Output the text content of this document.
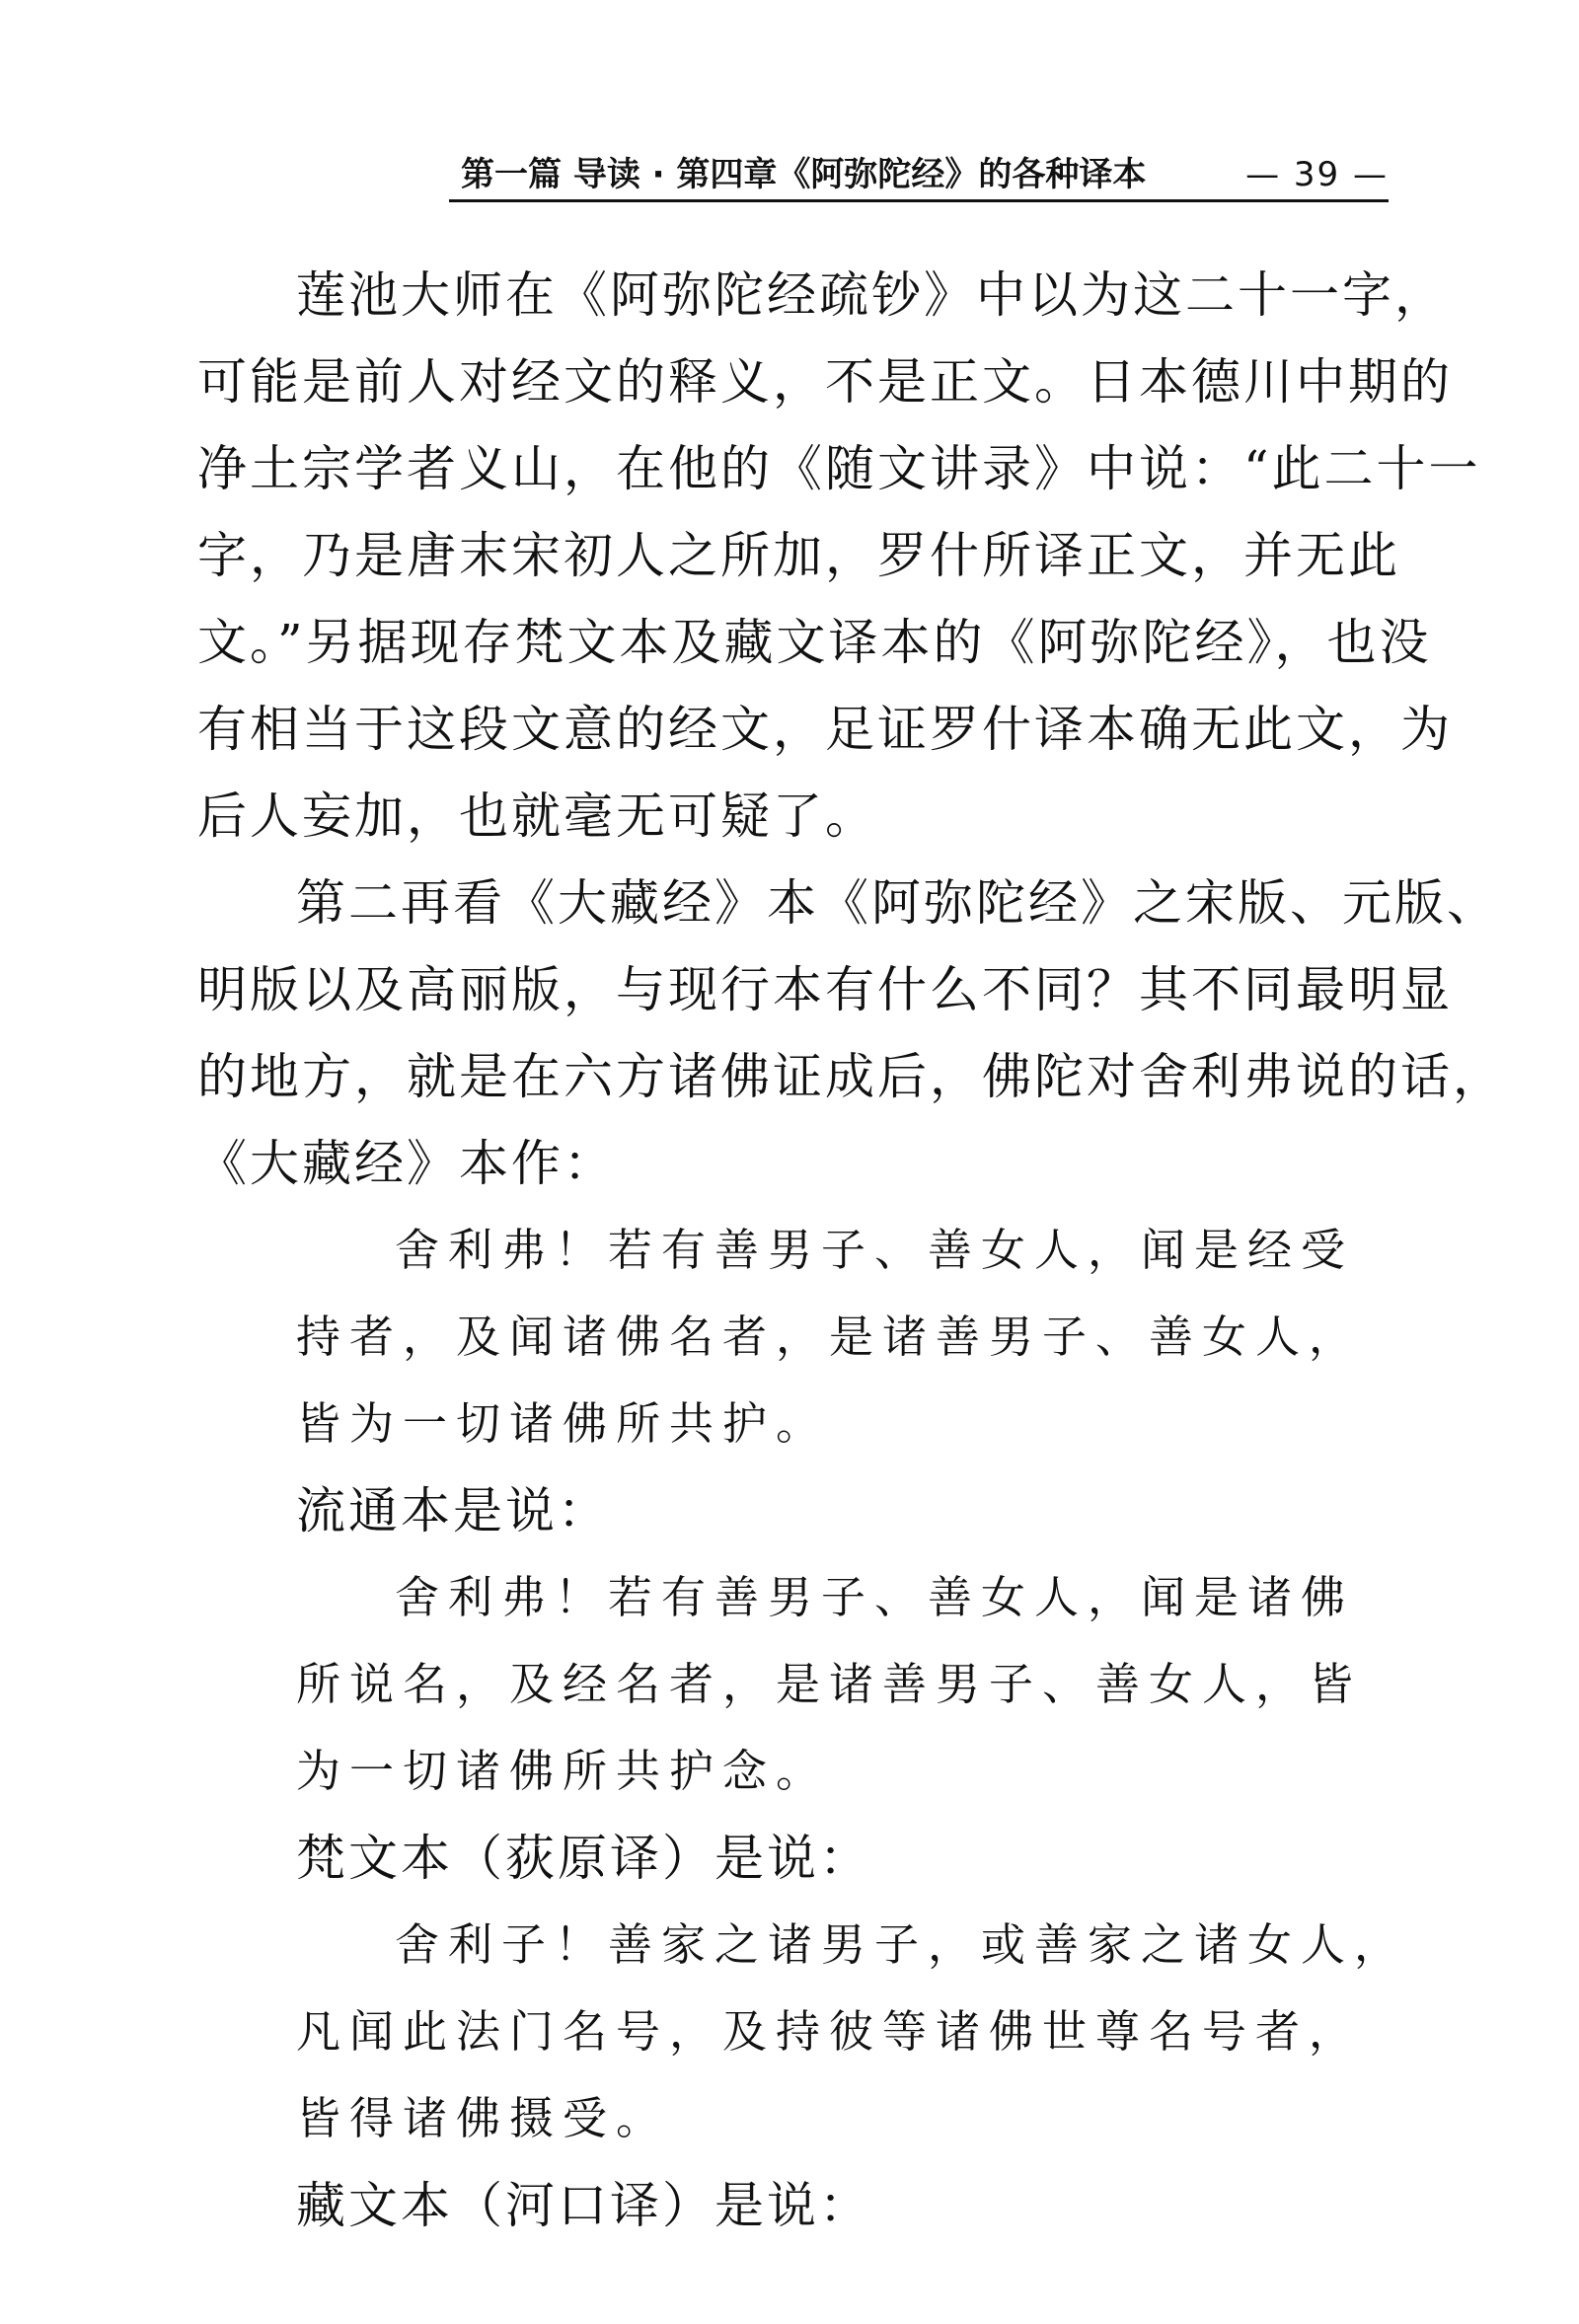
第一篇 导读 · 第四章《阿弥陀经》的各种译本	— 39 —
莲池大师在《阿弥陀经疏钞》中以为这二十一字，
可能是前人对经文的释义，不是正文。日本德川中期的
净土宗学者义山，在他的《随文讲录》中说：“此二十一
字，乃是唐末宋初人之所加，罗什所译正文，并无此
文。”另据现存梵文本及藏文译本的《阿弥陀经》，也没
有相当于这段文意的经文，足证罗什译本确无此文，为
后人妄加，也就毫无可疑了。
第二再看《大藏经》本《阿弥陀经》之宋版、元版、
明版以及高丽版，与现行本有什么不同？其不同最明显
的地方，就是在六方诸佛证成后，佛陀对舍利弗说的话，
《大藏经》本作：
舍利弗！若有善男子、善女人，闻是经受
持者，及闻诸佛名者，是诸善男子、善女人，
皆为一切诸佛所共护。
流通本是说：
舍利弗！若有善男子、善女人，闻是诸佛
所说名，及经名者，是诸善男子、善女人，皆
为一切诸佛所共护念。
梵文本（荻原译）是说：
舍利子！善家之诸男子，或善家之诸女人，
凡闻此法门名号，及持彼等诸佛世尊名号者，
皆得诸佛摄受。
藏文本（河口译）是说：
